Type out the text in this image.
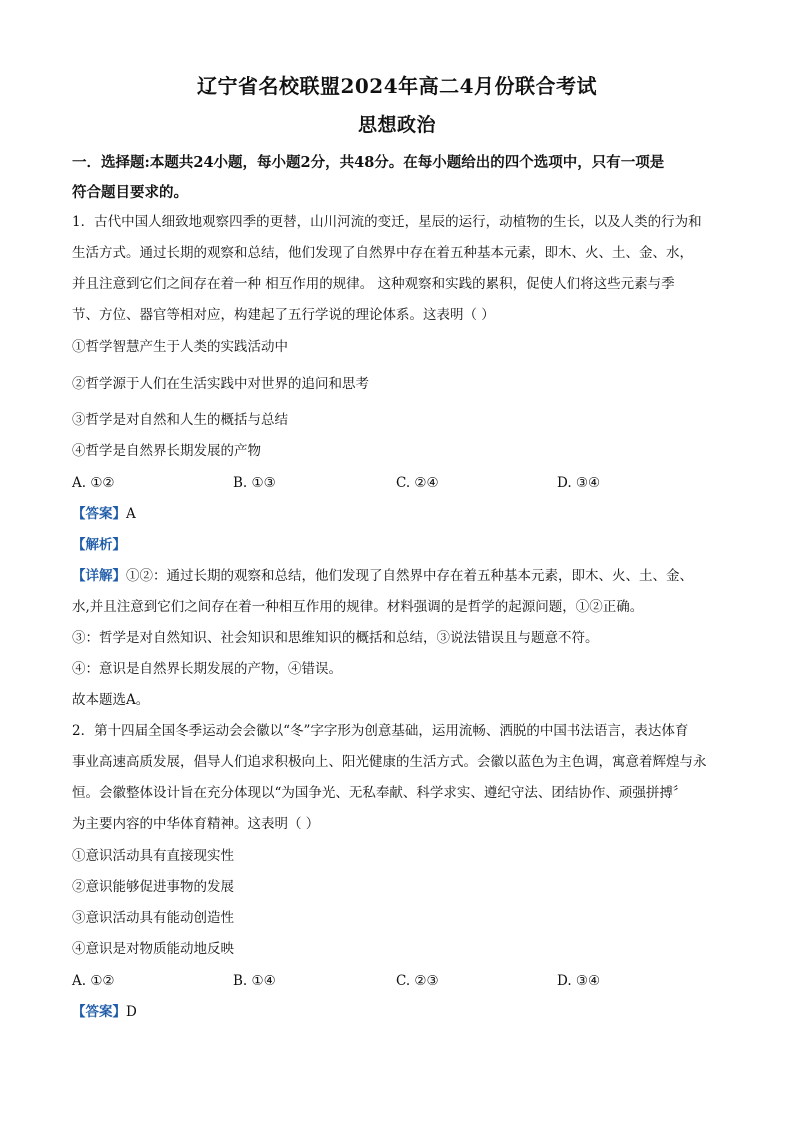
辽宁省名校联盟2024年高二4月份联合考试
思想政治
一．选择题:本题共24小题，每小题2分，共48分。在每小题给出的四个选项中，只有一项是
符合题目要求的。
1．古代中国人细致地观察四季的更替，山川河流的变迁，星辰的运行，动植物的生长，以及人类的行为和
生活方式。通过长期的观察和总结，他们发现了自然界中存在着五种基本元素，即木、火、土、金、水，
并且注意到它们之间存在着一种 相互作用的规律。 这种观察和实践的累积，促使人们将这些元素与季
节、方位、器官等相对应，构建起了五行学说的理论体系。这表明（ ）
①哲学智慧产生于人类的实践活动中
②哲学源于人们在生活实践中对世界的追问和思考
③哲学是对自然和人生的概括与总结
④哲学是自然界长期发展的产物
A. ①②	B. ①③	C. ②④	D. ③④
【答案】A
【解析】
【详解】①②：通过长期的观察和总结，他们发现了自然界中存在着五种基本元素，即木、火、土、金、
水,并且注意到它们之间存在着一种相互作用的规律。材料强调的是哲学的起源问题，①②正确。
③：哲学是对自然知识、社会知识和思维知识的概括和总结，③说法错误且与题意不符。
④：意识是自然界长期发展的产物，④错误。
故本题选A。
2．第十四届全国冬季运动会会徽以“冬”字字形为创意基础，运用流畅、洒脱的中国书法语言，表达体育
事业高速高质发展，倡导人们追求积极向上、阳光健康的生活方式。会徽以蓝色为主色调，寓意着辉煌与永
恒。会徽整体设计旨在充分体现以“为国争光、无私奉献、科学求实、遵纪守法、团结协作、顽强拼搏〞
为主要内容的中华体育精神。这表明（ ）
①意识活动具有直接现实性
②意识能够促进事物的发展
③意识活动具有能动创造性
④意识是对物质能动地反映
A. ①②	B. ①④	C. ②③	D. ③④
【答案】D
